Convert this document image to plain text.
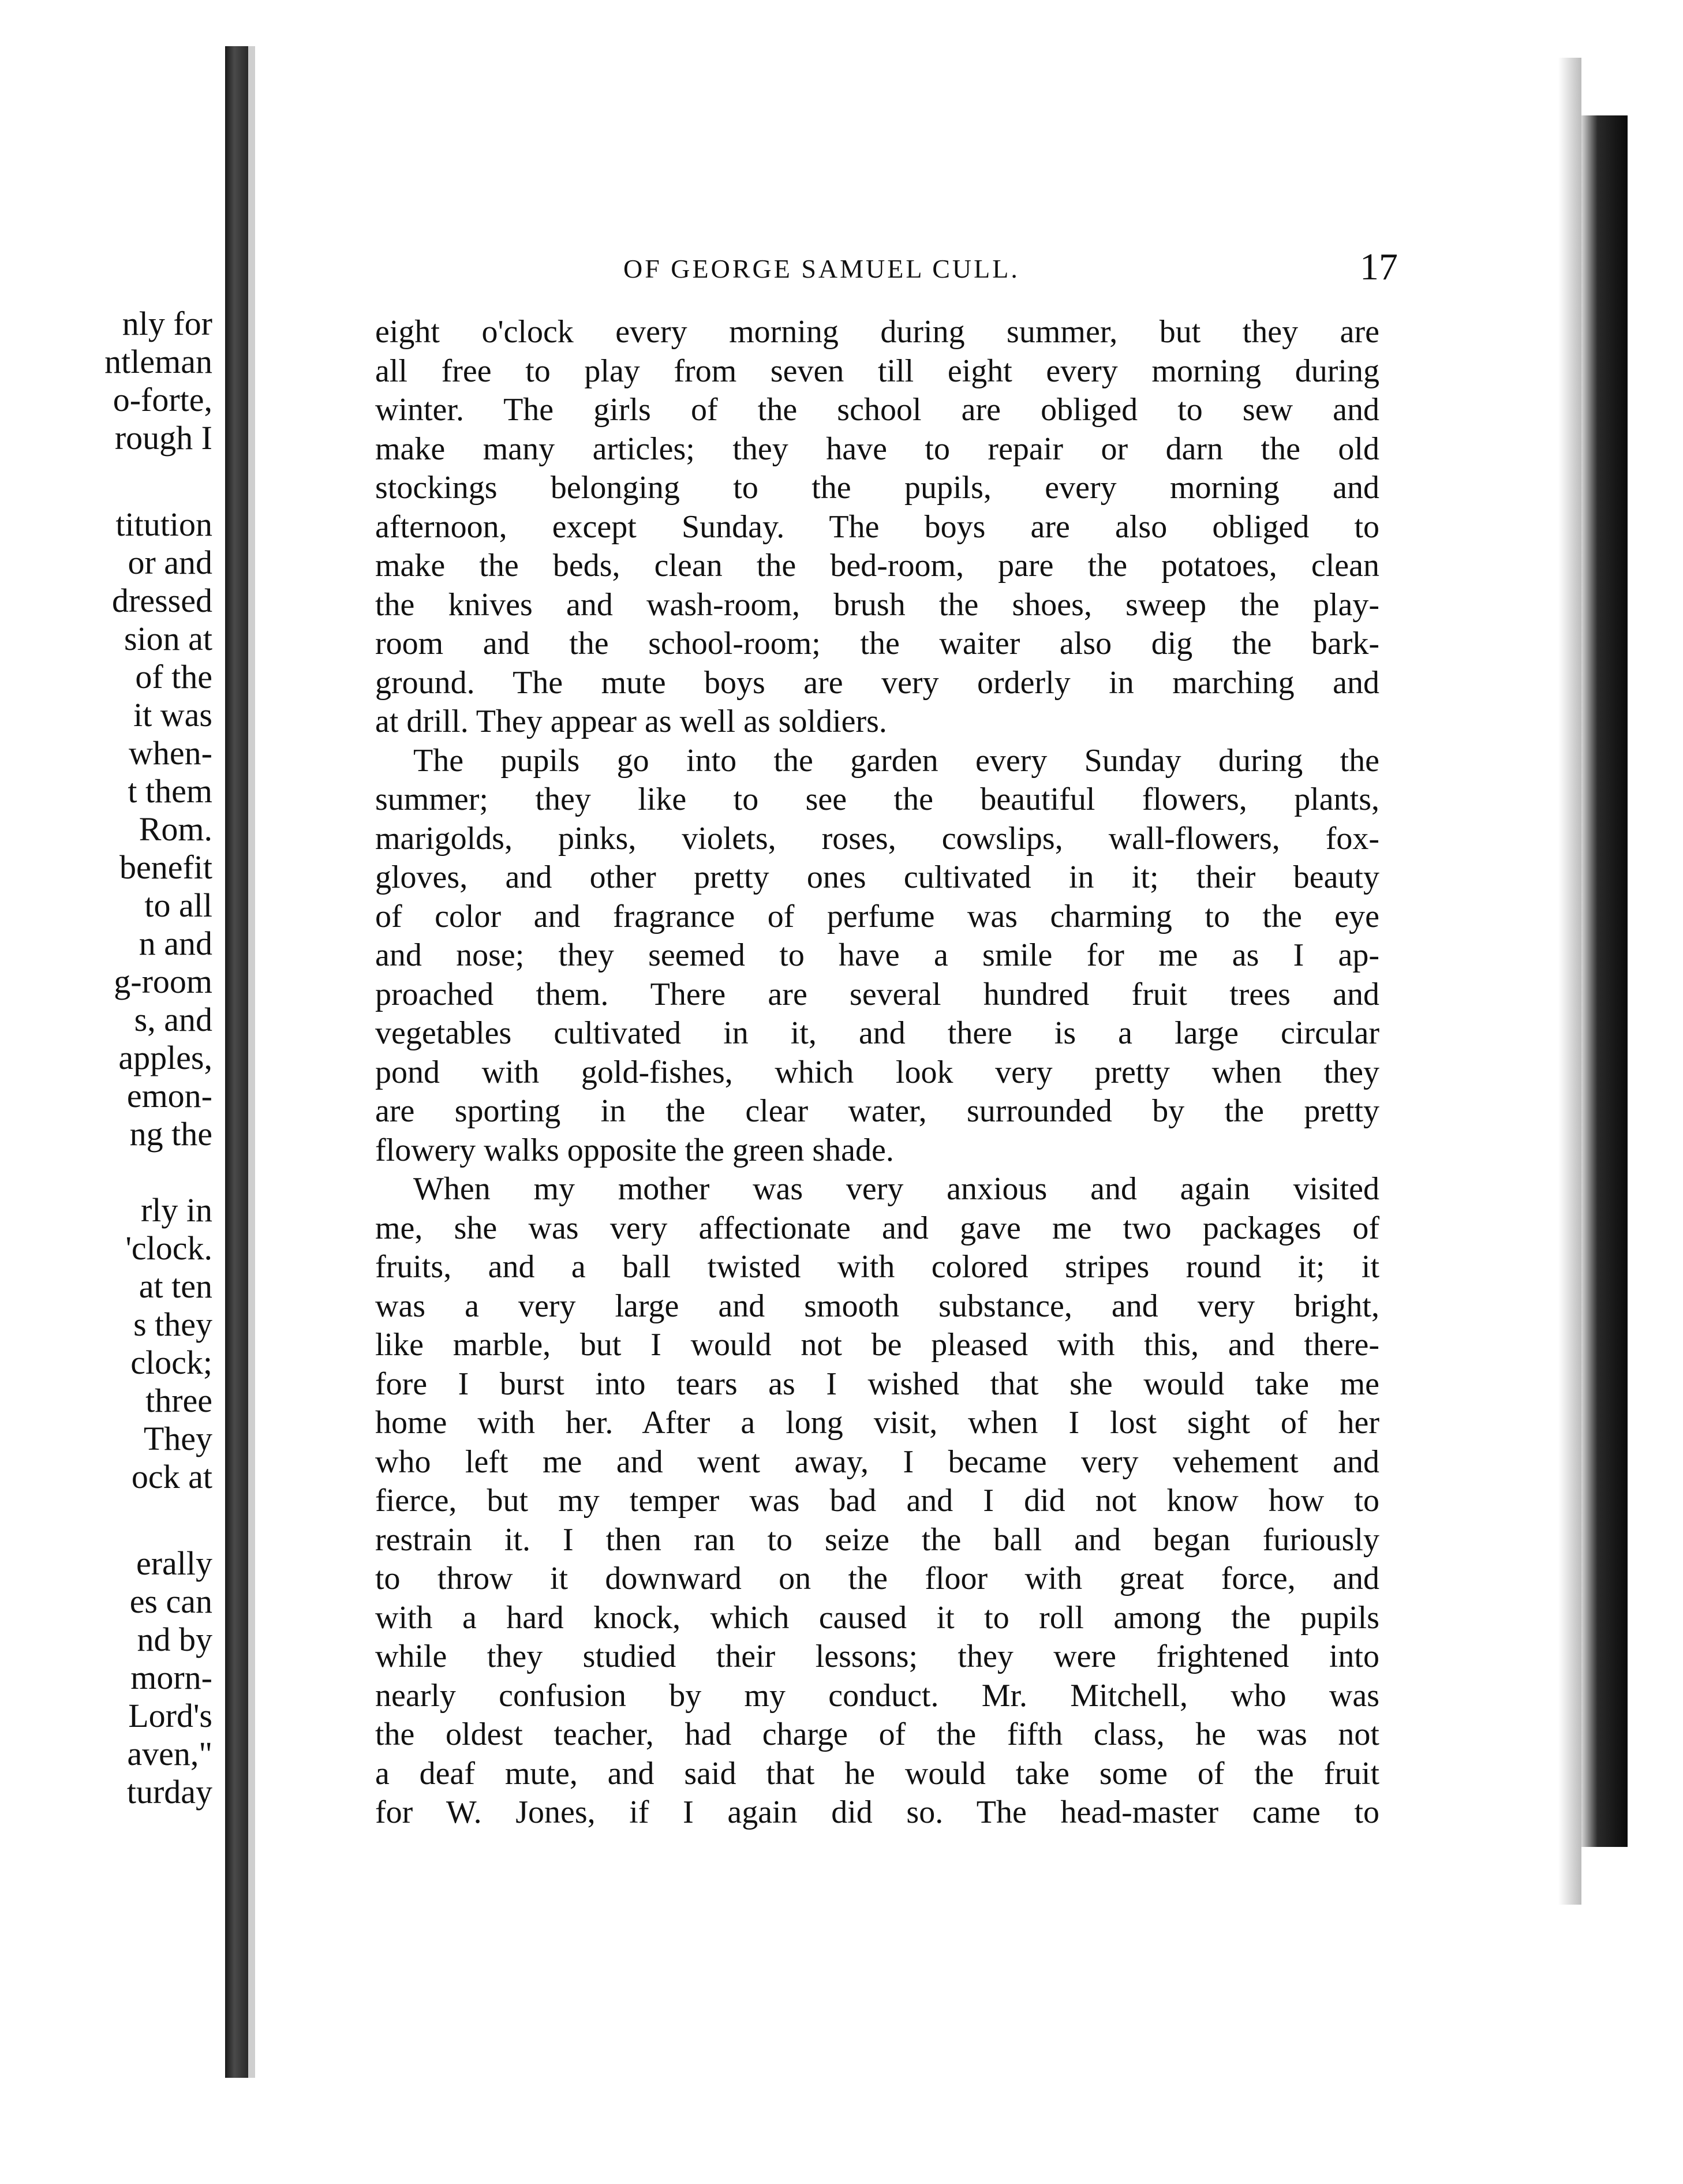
nly for
ntleman
o-forte,
rough I
titution
or and
dressed
sion at
of the
it was
when-
t them
Rom.
benefit
to all
n and
g-room
s, and
apples,
emon-
ng the
rly in
'clock.
at ten
s they
clock;
three
They
ock at
erally
es can
nd by
morn-
Lord's
aven,"
turday
OF GEORGE SAMUEL CULL.	17
eight o'clock every morning during summer, but they are
all free to play from seven till eight every morning during
winter. The girls of the school are obliged to sew and
make many articles; they have to repair or darn the old
stockings belonging to the pupils, every morning and
afternoon, except Sunday. The boys are also obliged to
make the beds, clean the bed-room, pare the potatoes, clean
the knives and wash-room, brush the shoes, sweep the play-
room and the school-room; the waiter also dig the bark-
ground. The mute boys are very orderly in marching and
at drill. They appear as well as soldiers.
The pupils go into the garden every Sunday during the
summer; they like to see the beautiful flowers, plants,
marigolds, pinks, violets, roses, cowslips, wall-flowers, fox-
gloves, and other pretty ones cultivated in it; their beauty
of color and fragrance of perfume was charming to the eye
and nose; they seemed to have a smile for me as I ap-
proached them. There are several hundred fruit trees and
vegetables cultivated in it, and there is a large circular
pond with gold-fishes, which look very pretty when they
are sporting in the clear water, surrounded by the pretty
flowery walks opposite the green shade.
When my mother was very anxious and again visited
me, she was very affectionate and gave me two packages of
fruits, and a ball twisted with colored stripes round it; it
was a very large and smooth substance, and very bright,
like marble, but I would not be pleased with this, and there-
fore I burst into tears as I wished that she would take me
home with her. After a long visit, when I lost sight of her
who left me and went away, I became very vehement and
fierce, but my temper was bad and I did not know how to
restrain it. I then ran to seize the ball and began furiously
to throw it downward on the floor with great force, and
with a hard knock, which caused it to roll among the pupils
while they studied their lessons; they were frightened into
nearly confusion by my conduct. Mr. Mitchell, who was
the oldest teacher, had charge of the fifth class, he was not
a deaf mute, and said that he would take some of the fruit
for W. Jones, if I again did so. The head-master came to
